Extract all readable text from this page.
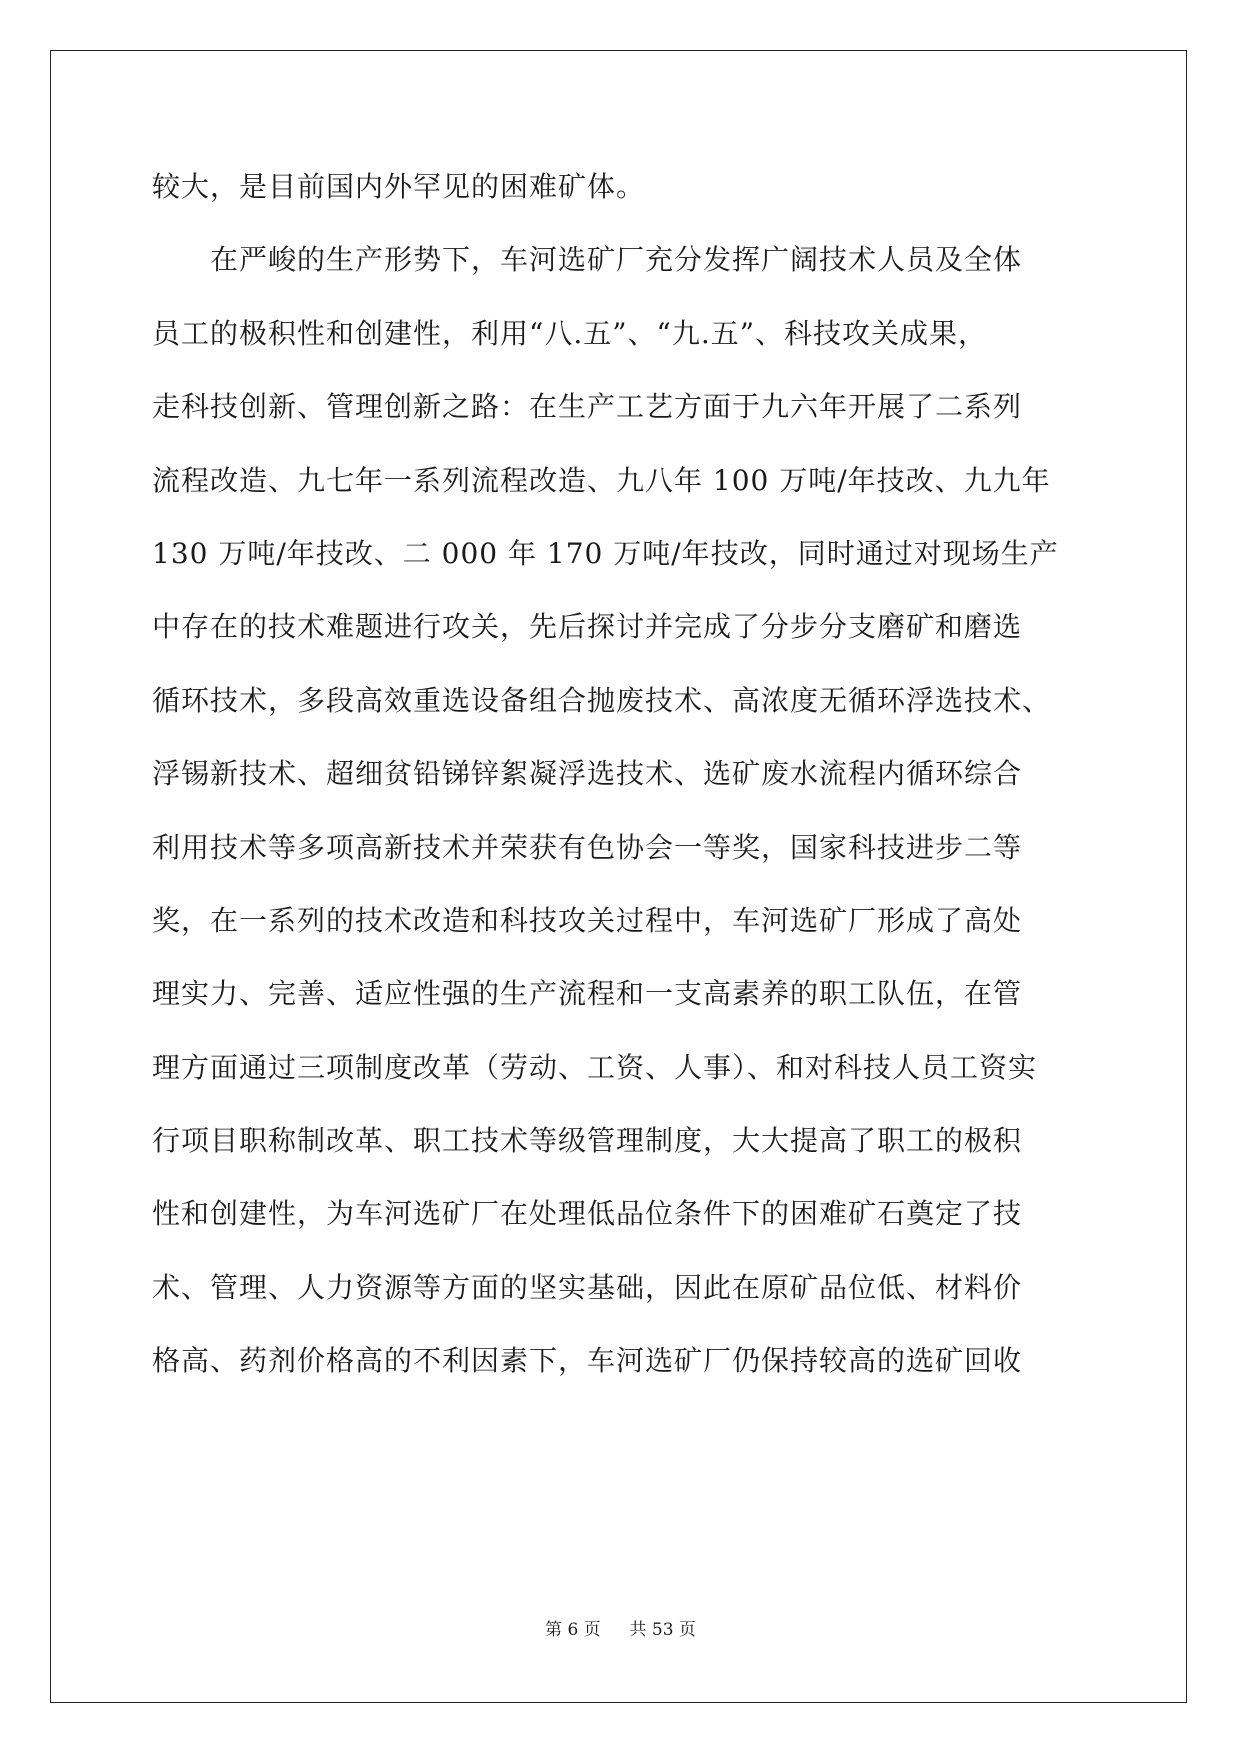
较大，是目前国内外罕见的困难矿体。
在严峻的生产形势下，车河选矿厂充分发挥广阔技术人员及全体
员工的极积性和创建性，利用“八.五”、“九.五”、科技攻关成果，
走科技创新、管理创新之路：在生产工艺方面于九六年开展了二系列
流程改造、九七年一系列流程改造、九八年 100 万吨/年技改、九九年
130 万吨/年技改、二 000 年 170 万吨/年技改，同时通过对现场生产
中存在的技术难题进行攻关，先后探讨并完成了分步分支磨矿和磨选
循环技术，多段高效重选设备组合抛废技术、高浓度无循环浮选技术、
浮锡新技术、超细贫铅锑锌絮凝浮选技术、选矿废水流程内循环综合
利用技术等多项高新技术并荣获有色协会一等奖，国家科技进步二等
奖，在一系列的技术改造和科技攻关过程中，车河选矿厂形成了高处
理实力、完善、适应性强的生产流程和一支高素养的职工队伍，在管
理方面通过三项制度改革（劳动、工资、人事）、和对科技人员工资实
行项目职称制改革、职工技术等级管理制度，大大提高了职工的极积
性和创建性，为车河选矿厂在处理低品位条件下的困难矿石奠定了技
术、管理、人力资源等方面的坚实基础，因此在原矿品位低、材料价
格高、药剂价格高的不利因素下，车河选矿厂仍保持较高的选矿回收
第 6 页 共 53 页
